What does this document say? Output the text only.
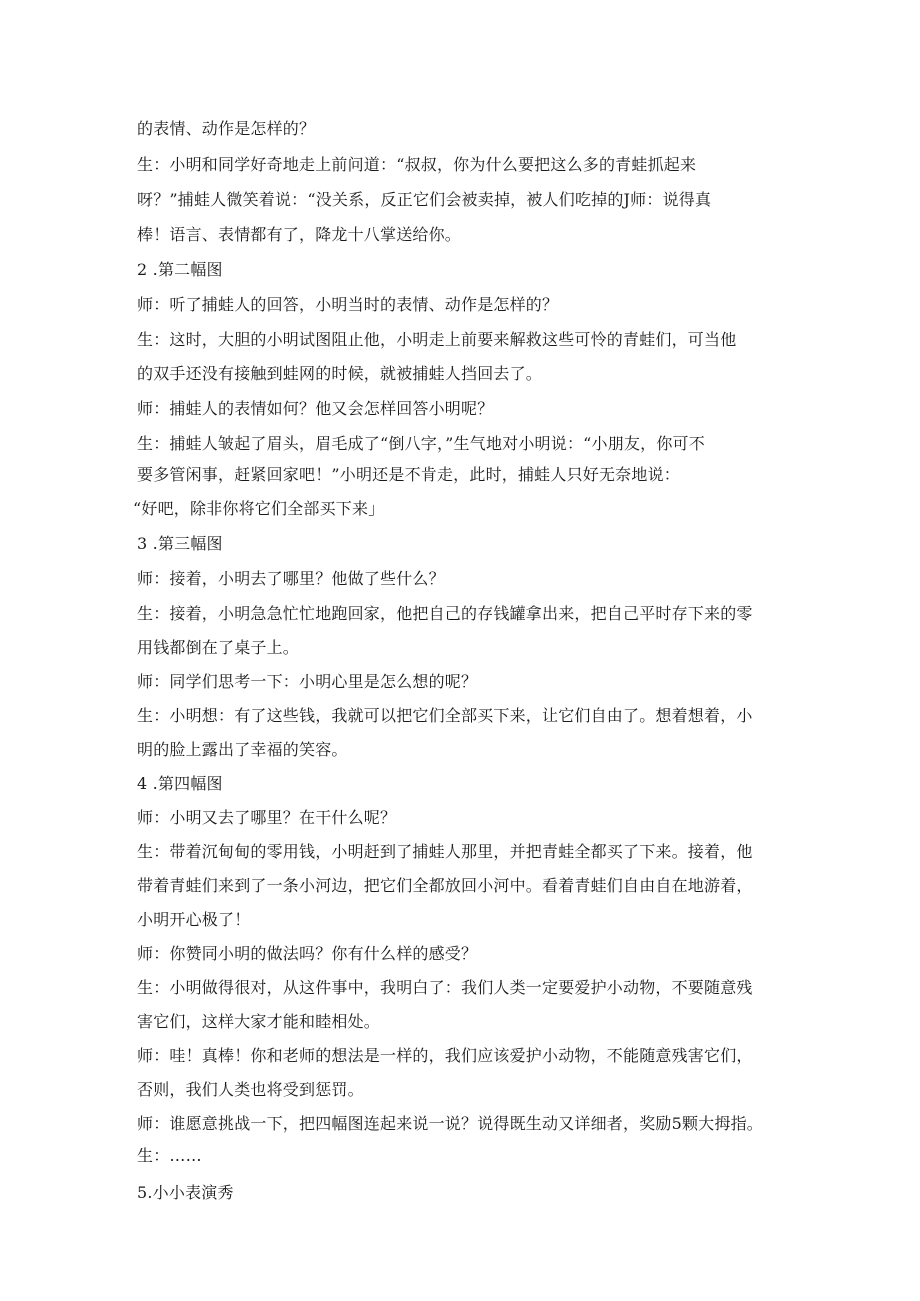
的表情、动作是怎样的？
生：小明和同学好奇地走上前问道：“叔叔，你为什么要把这么多的青蛙抓起来
呀？”捕蛙人微笑着说：“没关系，反正它们会被卖掉，被人们吃掉的J师：说得真
棒！语言、表情都有了，降龙十八掌送给你。
2 .第二幅图
师：听了捕蛙人的回答，小明当时的表情、动作是怎样的？
生：这时，大胆的小明试图阻止他，小明走上前要来解救这些可怜的青蛙们，可当他
的双手还没有接触到蛙网的时候，就被捕蛙人挡回去了。
师：捕蛙人的表情如何？他又会怎样回答小明呢？
生：捕蛙人皱起了眉头，眉毛成了“倒八字，”生气地对小明说：“小朋友，你可不
要多管闲事，赶紧回家吧！”小明还是不肯走，此时，捕蛙人只好无奈地说：
“好吧，除非你将它们全部买下来」
3 .第三幅图
师：接着，小明去了哪里？他做了些什么？
生：接着，小明急急忙忙地跑回家，他把自己的存钱罐拿出来，把自己平时存下来的零
用钱都倒在了桌子上。
师：同学们思考一下：小明心里是怎么想的呢？
生：小明想：有了这些钱，我就可以把它们全部买下来，让它们自由了。想着想着，小
明的脸上露出了幸福的笑容。
4 .第四幅图
师：小明又去了哪里？在干什么呢？
生：带着沉甸甸的零用钱，小明赶到了捕蛙人那里，并把青蛙全都买了下来。接着，他
带着青蛙们来到了一条小河边，把它们全都放回小河中。看着青蛙们自由自在地游着，
小明开心极了！
师：你赞同小明的做法吗？你有什么样的感受？
生：小明做得很对，从这件事中，我明白了：我们人类一定要爱护小动物，不要随意残
害它们，这样大家才能和睦相处。
师：哇！真棒！你和老师的想法是一样的，我们应该爱护小动物，不能随意残害它们，
否则，我们人类也将受到惩罚。
师：谁愿意挑战一下，把四幅图连起来说一说？说得既生动又详细者，奖励5颗大拇指。
生：……
5.小小表演秀
